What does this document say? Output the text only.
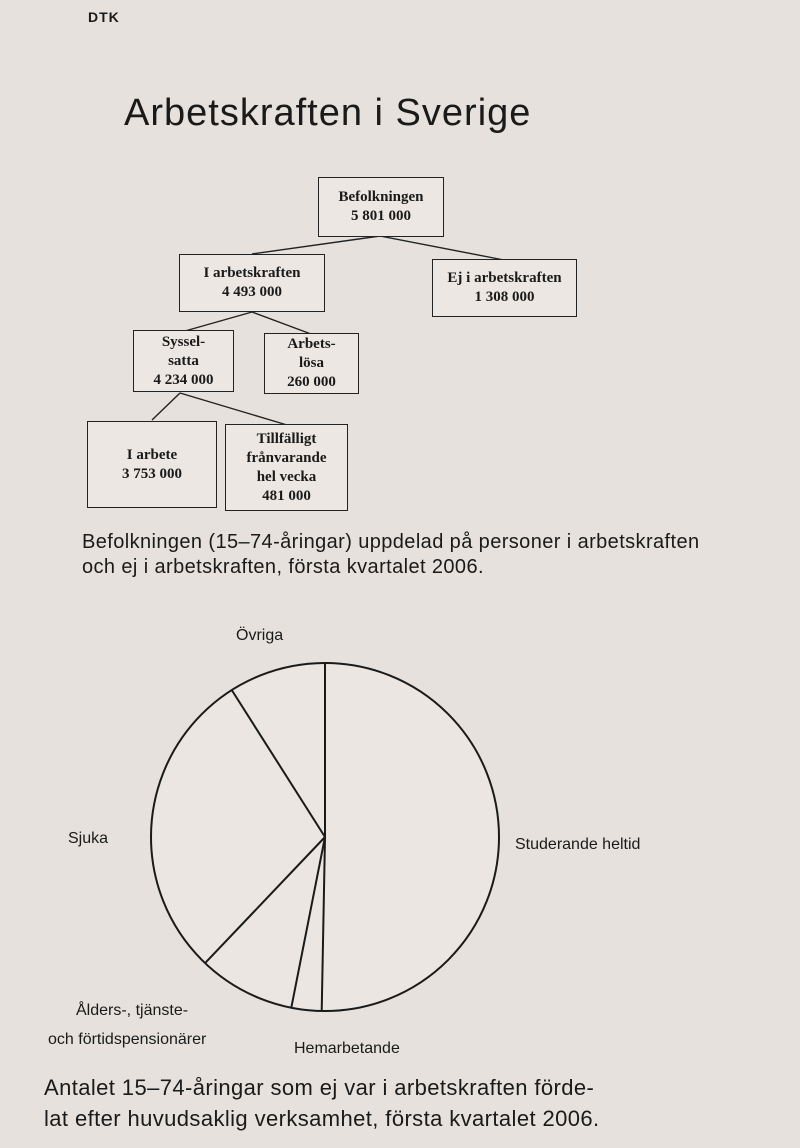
DTK
Arbetskraften i Sverige
Befolkningen
5 801 000
I arbetskraften
4 493 000
Ej i arbetskraften
1 308 000
Syssel-
satta
4 234 000
Arbets-
lösa
260 000
I arbete
3 753 000
Tillfälligt
frånvarande
hel vecka
481 000
Befolkningen (15–74-åringar) uppdelad på personer i arbetskraften och ej i arbetskraften, första kvartalet 2006.
Övriga
Sjuka	Studerande heltid
Ålders-, tjänste-
och förtidspensionärer
Hemarbetande
Antalet 15–74-åringar som ej var i arbetskraften förde-
lat efter huvudsaklig verksamhet, första kvartalet 2006.
